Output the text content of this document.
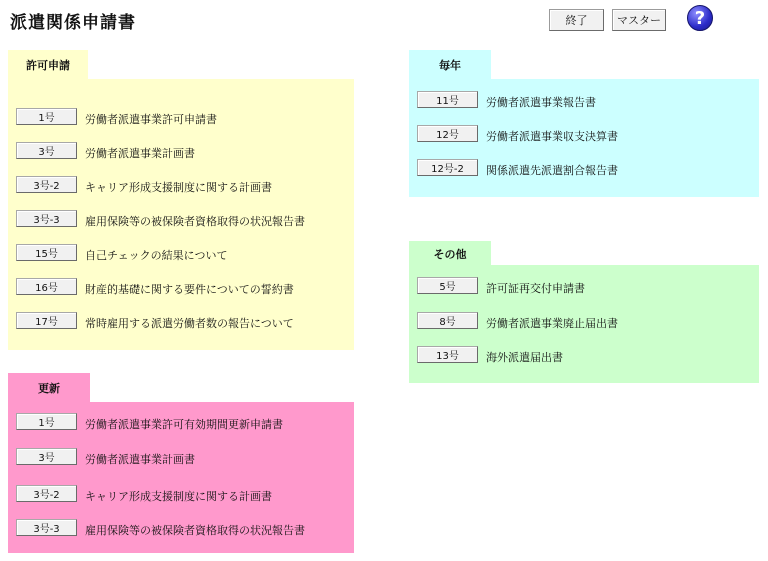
派遣関係申請書	終了	マスター	?
許可申請
1号	労働者派遣事業許可申請書
3号	労働者派遣事業計画書
3号-2	キャリア形成支援制度に関する計画書
3号-3	雇用保険等の被保険者資格取得の状況報告書
15号	自己チェックの結果について
16号	財産的基礎に関する要件についての誓約書
17号	常時雇用する派遣労働者数の報告について
更新
1号	労働者派遣事業許可有効期間更新申請書
3号	労働者派遣事業計画書
3号-2	キャリア形成支援制度に関する計画書
3号-3	雇用保険等の被保険者資格取得の状況報告書
毎年
11号	労働者派遣事業報告書
12号	労働者派遣事業収支決算書
12号-2	関係派遣先派遣割合報告書
その他
5号	許可証再交付申請書
8号	労働者派遣事業廃止届出書
13号	海外派遣届出書
